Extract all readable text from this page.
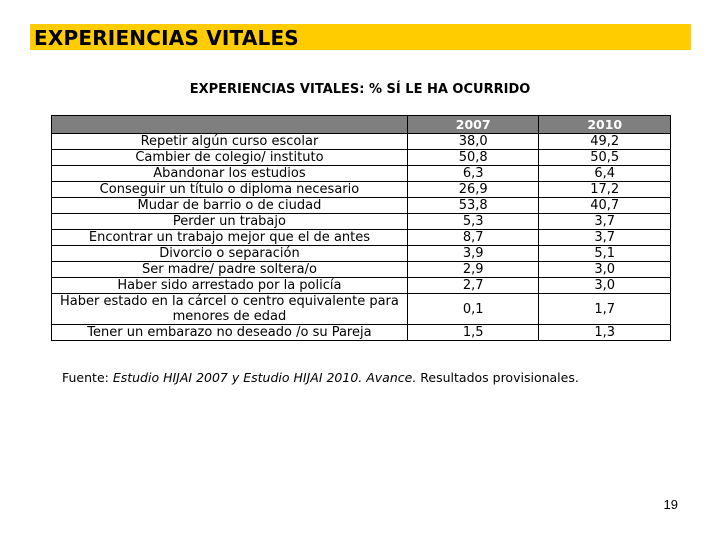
EXPERIENCIAS VITALES
EXPERIENCIAS VITALES: % SÍ LE HA OCURRIDO
	2007	2010
Repetir algún curso escolar	38,0	49,2
Cambier de colegio/ instituto	50,8	50,5
Abandonar los estudios	6,3	6,4
Conseguir un título o diploma necesario	26,9	17,2
Mudar de barrio o de ciudad	53,8	40,7
Perder un trabajo	5,3	3,7
Encontrar un trabajo mejor que el de antes	8,7	3,7
Divorcio o separación	3,9	5,1
Ser madre/ padre soltera/o	2,9	3,0
Haber sido arrestado por la policía	2,7	3,0
Haber estado en la cárcel o centro equivalente para menores de edad	0,1	1,7
Tener un embarazo no deseado /o su Pareja	1,5	1,3
Fuente: Estudio HIJAI 2007 y Estudio HIJAI 2010. Avance. Resultados provisionales.
19
